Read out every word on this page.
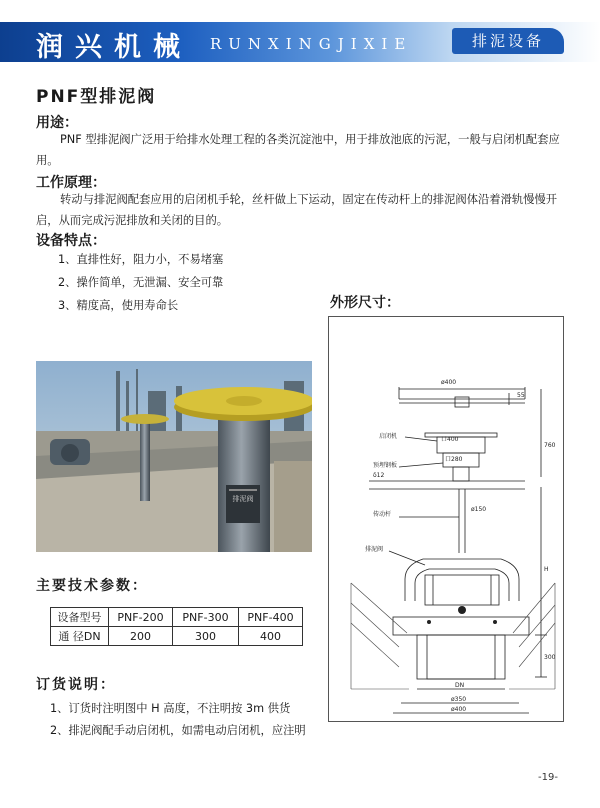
润兴机械 RUNXINGJIXIE	排泥设备
PNF型排泥阀
用途：
PNF 型排泥阀广泛用于给排水处理工程的各类沉淀池中，用于排放池底的污泥，一般与启闭机配套应用。
工作原理：
转动与排泥阀配套应用的启闭机手轮，丝杆做上下运动，固定在传动杆上的排泥阀体沿着滑轨慢慢开启，从而完成污泥排放和关闭的目的。
设备特点：
1、直排性好，阻力小，不易堵塞
2、操作简单，无泄漏、安全可靠
3、精度高，使用寿命长
排泥阀
外形尺寸：
ø400
55
760
启闭机	口400
口280
预埋钢板
δ12
传动杆
ø150
排泥阀
H
300
DN
ø350
ø400
主要技术参数：
设备型号	PNF-200	PNF-300	PNF-400
通 径DN	200	300	400
订货说明：
1、订货时注明图中 H 高度，不注明按 3m 供货
2、排泥阀配手动启闭机，如需电动启闭机，应注明
-19-
